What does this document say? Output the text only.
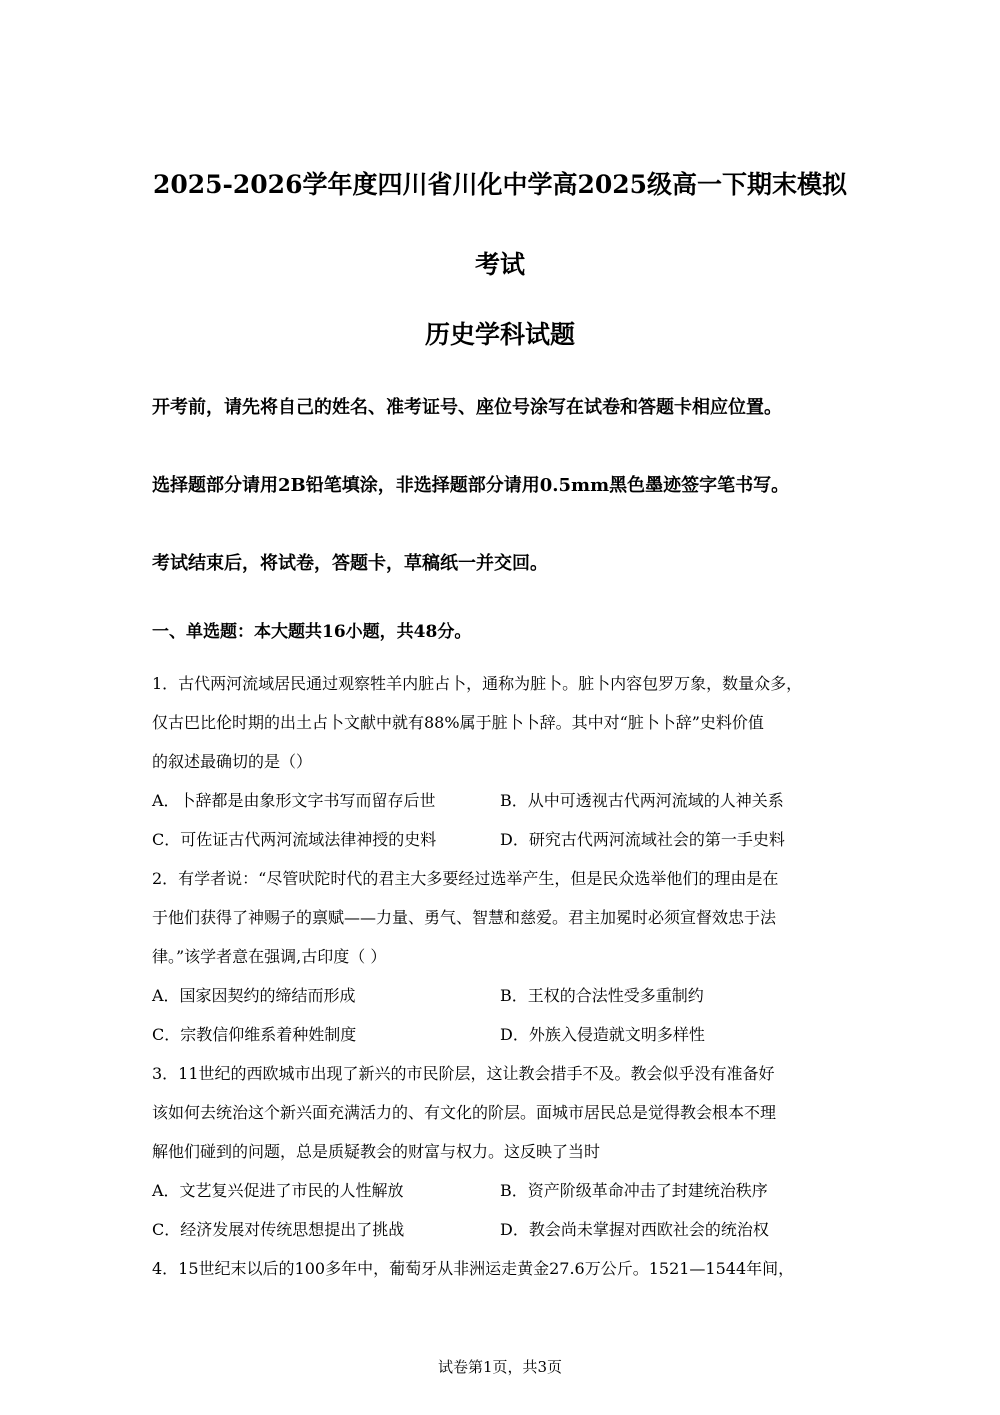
2025-2026学年度四川省川化中学高2025级高一下期末模拟
考试
历史学科试题
开考前，请先将自己的姓名、准考证号、座位号涂写在试卷和答题卡相应位置。
选择题部分请用2B铅笔填涂，非选择题部分请用0.5mm黑色墨迹签字笔书写。
考试结束后，将试卷，答题卡，草稿纸一并交回。
一、单选题：本大题共16小题，共48分。
1．古代两河流域居民通过观察牲羊内脏占卜，通称为脏卜。脏卜内容包罗万象，数量众多，
仅古巴比伦时期的出土占卜文献中就有88%属于脏卜卜辞。其中对“脏卜卜辞”史料价值
的叙述最确切的是（）
A．卜辞都是由象形文字书写而留存后世	B．从中可透视古代两河流域的人神关系
C．可佐证古代两河流域法律神授的史料	D．研究古代两河流域社会的第一手史料
2．有学者说：“尽管吠陀时代的君主大多要经过选举产生，但是民众选举他们的理由是在
于他们获得了神赐子的禀赋——力量、勇气、智慧和慈爱。君主加冕时必须宣督效忠于法
律。”该学者意在强调,古印度（ ）
A．国家因契约的缔结而形成	B．王权的合法性受多重制约
C．宗教信仰维系着种姓制度	D．外族入侵造就文明多样性
3．11世纪的西欧城市出现了新兴的市民阶层，这让教会措手不及。教会似乎没有准备好
该如何去统治这个新兴面充满活力的、有文化的阶层。面城市居民总是觉得教会根本不理
解他们碰到的问题，总是质疑教会的财富与权力。这反映了当时
A．文艺复兴促进了市民的人性解放	B．资产阶级革命冲击了封建统治秩序
C．经济发展对传统思想提出了挑战	D．教会尚未掌握对西欧社会的统治权
4．15世纪末以后的100多年中，葡萄牙从非洲运走黄金27.6万公斤。1521—1544年间，
试卷第1页，共3页
